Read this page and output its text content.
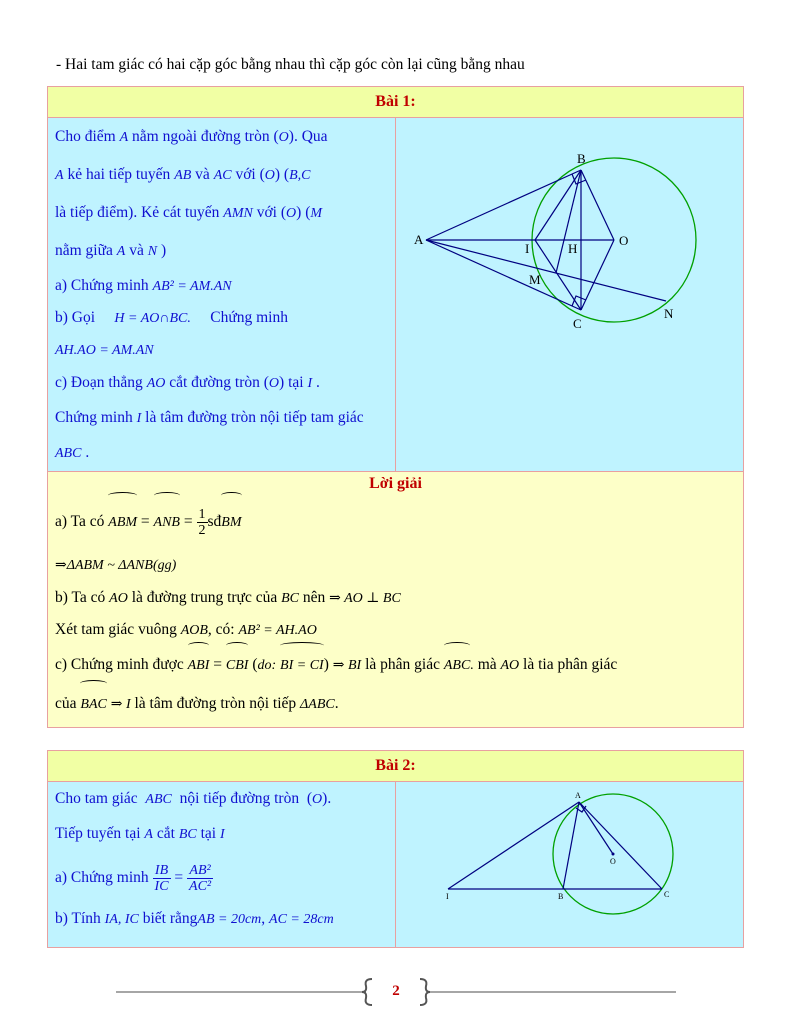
- Hai tam giác có hai cặp góc bằng nhau thì cặp góc còn lại cũng bằng nhau
Bài 1:

Cho điểm A nằm ngoài đường tròn (O). Qua
A kẻ hai tiếp tuyến AB và AC với (O) (B,C
là tiếp điểm). Kẻ cát tuyến AMN với (O) (M
nằm giữa A và N )
a) Chứng minh AB² = AM.AN
b) Gọi H = AO∩BC. Chứng minh
AH.AO = AM.AN
c) Đoạn thẳng AO cắt đường tròn (O) tại I .
Chứng minh I là tâm đường tròn nội tiếp tam giác ABC .

A
B
C
O
I	H
M
N

Lời giải
a) Ta có ABM = ANB = $\frac{1}{2}$ sđBM
⇒ΔABM ~ ΔANB(gg)
b) Ta có AO là đường trung trực của BC nên ⇒ AO ⊥ BC
Xét tam giác vuông AOB, có: AB² = AH.AO
c) Chứng minh được ABI = CBI (do: BI = CI) ⇒ BI là phân giác ABC. mà AO là tia phân giác
của BAC ⇒ I là tâm đường tròn nội tiếp ΔABC.
Bài 2:

Cho tam giác ABC nội tiếp đường tròn  (O).
Tiếp tuyến tại A cắt BC tại I
a) Chứng minh $\frac{IB}{IC} = \frac{\text{AB²}}{\text{AC²}}$
b) Tính IA, IC biết rằngAB = 20cm, AC = 28cm

A
B	C
O
I
2
